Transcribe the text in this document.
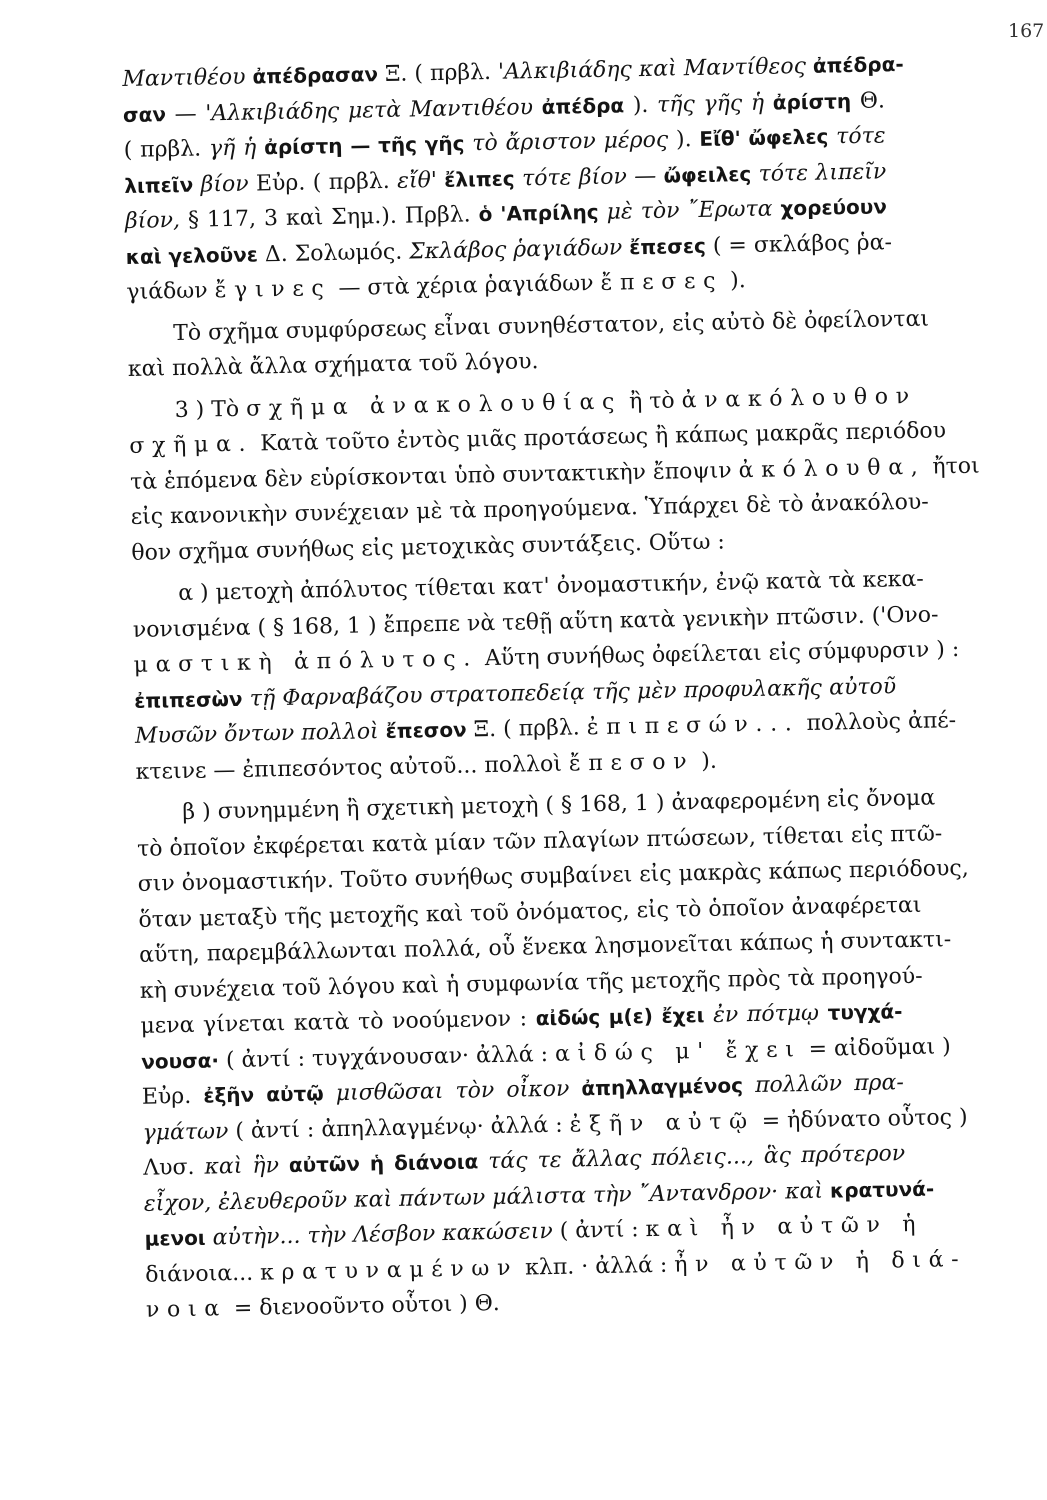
167
Μαντιθέου ἀπέδρασαν Ξ. ( πρβλ. 'Αλκιβιάδης καὶ Μαντίθεος ἀπέδρα-
σαν — 'Αλκιβιάδης μετὰ Μαντιθέου ἀπέδρα ). τῆς γῆς ἡ ἀρίστη Θ.
( πρβλ. γῆ ἡ ἀρίστη — τῆς γῆς τὸ ἄριστον μέρος ). Εἴθ' ὤφελες τότε
λιπεῖν βίον Εὐρ. ( πρβλ. εἴθ' ἔλιπες τότε βίον — ὤφειλες τότε λιπεῖν
βίον, § 117, 3 καὶ Σημ.). Πρβλ. ὁ 'Απρίλης μὲ τὸν ῎Ερωτα χορεύουν
καὶ γελοῦνε Δ. Σολωμός. Σκλάβος ῥαγιάδων ἔπεσες ( = σκλάβος ῥα-
γιάδων ἔγινες — στὰ χέρια ῥαγιάδων ἔπεσες ).
Τὸ σχῆμα συμφύρσεως εἶναι συνηθέστατον, εἰς αὐτὸ δὲ ὀφείλονται
καὶ πολλὰ ἄλλα σχήματα τοῦ λόγου.
3 ) Τὸ σχῆμα ἀνακολουθίας ἢ τὸ ἀνακόλουθον
σχῆμα. Κατὰ τοῦτο ἐντὸς μιᾶς προτάσεως ἢ κάπως μακρᾶς περιόδου
τὰ ἑπόμενα δὲν εὑρίσκονται ὑπὸ συντακτικὴν ἔποψιν ἀκόλουθα, ἤτοι
εἰς κανονικὴν συνέχειαν μὲ τὰ προηγούμενα. Ὑπάρχει δὲ τὸ ἀνακόλου-
θον σχῆμα συνήθως εἰς μετοχικὰς συντάξεις. Οὕτω :
α ) μετοχὴ ἀπόλυτος τίθεται κατ' ὀνομαστικήν, ἐνῷ κατὰ τὰ κεκα-
νονισμένα ( § 168, 1 ) ἔπρεπε νὰ τεθῇ αὕτη κατὰ γενικὴν πτῶσιν. ('Ονο-
μαστικὴ ἀπόλυτος. Αὕτη συνήθως ὀφείλεται εἰς σύμφυρσιν ) :
ἐπιπεσὼν τῇ Φαρναβάζου στρατοπεδείᾳ τῆς μὲν προφυλακῆς αὐτοῦ
Μυσῶν ὄντων πολλοὶ ἔπεσον Ξ. ( πρβλ. ἐπιπεσών... πολλοὺς ἀπέ-
κτεινε — ἐπιπεσόντος αὐτοῦ... πολλοὶ ἔπεσον ).
β ) συνημμένη ἢ σχετικὴ μετοχὴ ( § 168, 1 ) ἀναφερομένη εἰς ὄνομα
τὸ ὁποῖον ἐκφέρεται κατὰ μίαν τῶν πλαγίων πτώσεων, τίθεται εἰς πτῶ-
σιν ὀνομαστικήν. Τοῦτο συνήθως συμβαίνει εἰς μακρὰς κάπως περιόδους,
ὅταν μεταξὺ τῆς μετοχῆς καὶ τοῦ ὀνόματος, εἰς τὸ ὁποῖον ἀναφέρεται
αὕτη, παρεμβάλλωνται πολλά, οὗ ἕνεκα λησμονεῖται κάπως ἡ συντακτι-
κὴ συνέχεια τοῦ λόγου καὶ ἡ συμφωνία τῆς μετοχῆς πρὸς τὰ προηγού-
μενα γίνεται κατὰ τὸ νοούμενον : αἰδώς μ(ε) ἔχει ἐν πότμῳ τυγχά-
νουσα· ( ἀντί : τυγχάνουσαν· ἀλλά : αἰδώς μ' ἔχει = αἰδοῦμαι )
Εὐρ. ἐξῆν αὐτῷ μισθῶσαι τὸν οἶκον ἀπηλλαγμένος πολλῶν πρα-
γμάτων ( ἀντί : ἀπηλλαγμένῳ· ἀλλά : ἐξῆν αὐτῷ = ἠδύνατο οὗτος )
Λυσ. καὶ ἣν αὐτῶν ἡ διάνοια τάς τε ἄλλας πόλεις..., ἃς πρότερον
εἶχον, ἐλευθεροῦν καὶ πάντων μάλιστα τὴν ῎Ανταvδρον· καὶ κρατυνά-
μενοι αὐτὴν... τὴν Λέσβον κακώσειν ( ἀντί : καὶ ἦν αὐτῶν ἡ
διάνοια... κρατυναμένων κλπ. · ἀλλά : ἦν αὐτῶν ἡ διά-
νοια = διενοοῦντο οὗτοι ) Θ.
